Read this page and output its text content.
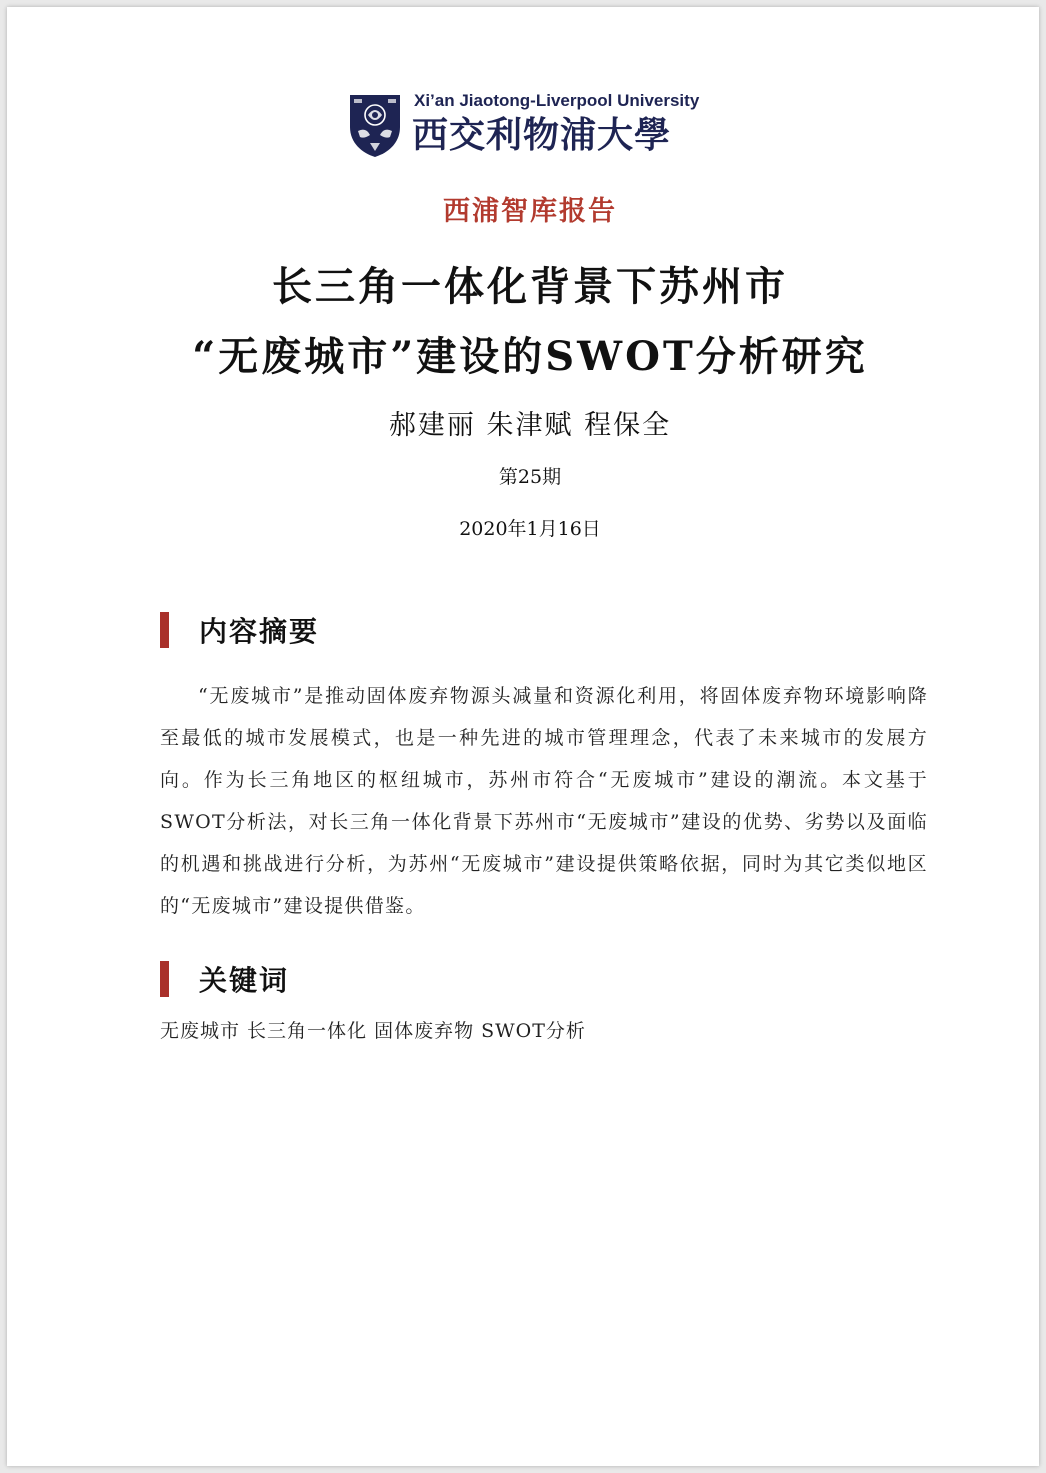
Xi’an Jiaotong-Liverpool University
西交利物浦大學
西浦智库报告
长三角一体化背景下苏州市
“无废城市”建设的SWOT分析研究
郝建丽 朱津赋 程保全
第25期
2020年1月16日
内容摘要

“无废城市”是推动固体废弃物源头减量和资源化利用，将固体废弃物环境影响降至最低的城市发展模式，也是一种先进的城市管理理念，代表了未来城市的发展方向。作为长三角地区的枢纽城市，苏州市符合“无废城市”建设的潮流。本文基于SWOT分析法，对长三角一体化背景下苏州市“无废城市”建设的优势、劣势以及面临的机遇和挑战进行分析，为苏州“无废城市”建设提供策略依据，同时为其它类似地区的“无废城市”建设提供借鉴。

关键词
无废城市 长三角一体化 固体废弃物 SWOT分析
